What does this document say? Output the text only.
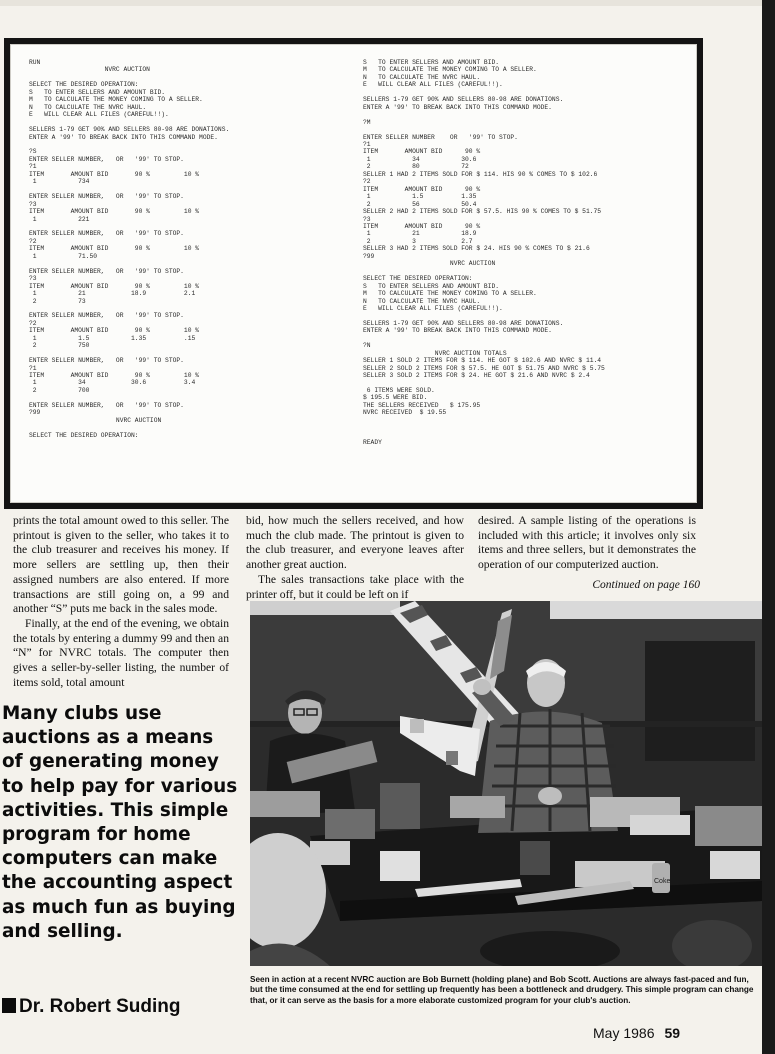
RUN
NVRC AUCTION

SELECT THE DESIRED OPERATION:
S   TO ENTER SELLERS AND AMOUNT BID.
M   TO CALCULATE THE MONEY COMING TO A SELLER.
N   TO CALCULATE THE NVRC HAUL.
E   WILL CLEAR ALL FILES (CAREFUL!!).

SELLERS 1-79 GET 90% AND SELLERS 80-98 ARE DONATIONS.
ENTER A '99' TO BREAK BACK INTO THIS COMMAND MODE.

?S
ENTER SELLER NUMBER,   OR   '99' TO STOP.
?1
ITEM       AMOUNT BID       90 %         10 %
1           734

ENTER SELLER NUMBER,   OR   '99' TO STOP.
?3
ITEM       AMOUNT BID       90 %         10 %
1           221

ENTER SELLER NUMBER,   OR   '99' TO STOP.
?2
ITEM       AMOUNT BID       90 %         10 %
1           71.50

ENTER SELLER NUMBER,   OR   '99' TO STOP.
?3
ITEM       AMOUNT BID       90 %         10 %
1           21            18.9          2.1
2           73

ENTER SELLER NUMBER,   OR   '99' TO STOP.
?2
ITEM       AMOUNT BID       90 %         10 %
1           1.5           1.35          .15
2           750

ENTER SELLER NUMBER,   OR   '99' TO STOP.
?1
ITEM       AMOUNT BID       90 %         10 %
1           34            30.6          3.4
2           700

ENTER SELLER NUMBER,   OR   '99' TO STOP.
?99
NVRC AUCTION

SELECT THE DESIRED OPERATION:
S   TO ENTER SELLERS AND AMOUNT BID.
M   TO CALCULATE THE MONEY COMING TO A SELLER.
N   TO CALCULATE THE NVRC HAUL.
E   WILL CLEAR ALL FILES (CAREFUL!!).

SELLERS 1-79 GET 90% AND SELLERS 80-98 ARE DONATIONS.
ENTER A '99' TO BREAK BACK INTO THIS COMMAND MODE.

?M

ENTER SELLER NUMBER    OR   '99' TO STOP.
?1
ITEM       AMOUNT BID      90 %
1           34           30.6
2           80           72
SELLER 1 HAD 2 ITEMS SOLD FOR $ 114. HIS 90 % COMES TO $ 102.6
?2
ITEM       AMOUNT BID      90 %
1           1.5          1.35
2           56           50.4
SELLER 2 HAD 2 ITEMS SOLD FOR $ 57.5. HIS 90 % COMES TO $ 51.75
?3
ITEM       AMOUNT BID      90 %
1           21           18.9
2           3            2.7
SELLER 3 HAD 2 ITEMS SOLD FOR $ 24. HIS 90 % COMES TO $ 21.6
?99
NVRC AUCTION

SELECT THE DESIRED OPERATION:
S   TO ENTER SELLERS AND AMOUNT BID.
M   TO CALCULATE THE MONEY COMING TO A SELLER.
N   TO CALCULATE THE NVRC HAUL.
E   WILL CLEAR ALL FILES (CAREFUL!!).

SELLERS 1-79 GET 90% AND SELLERS 80-98 ARE DONATIONS.
ENTER A '99' TO BREAK BACK INTO THIS COMMAND MODE.

?N
NVRC AUCTION TOTALS
SELLER 1 SOLD 2 ITEMS FOR $ 114. HE GOT $ 102.6 AND NVRC $ 11.4
SELLER 2 SOLD 2 ITEMS FOR $ 57.5. HE GOT $ 51.75 AND NVRC $ 5.75
SELLER 3 SOLD 2 ITEMS FOR $ 24. HE GOT $ 21.6 AND NVRC $ 2.4

6 ITEMS WERE SOLD.
$ 195.5 WERE BID.
THE SELLERS RECEIVED   $ 175.95
NVRC RECEIVED  $ 19.55

READY

prints the total amount owed to this seller. The printout is given to the seller, who takes it to the club treasurer and receives his money. If more sellers are settling up, then their assigned numbers are also entered. If more transactions are still going on, a 99 and another “S” puts me back in the sales mode.

Finally, at the end of the evening, we obtain the totals by entering a dummy 99 and then an “N” for NVRC totals. The computer then gives a seller-by-seller listing, the number of items sold, total amount

bid, how much the sellers received, and how much the club made. The printout is given to the club treasurer, and everyone leaves after another great auction.

The sales transactions take place with the printer off, but it could be left on if

desired. A sample listing of the operations is included with this article; it involves only six items and three sellers, but it demonstrates the operation of our computerized auction.

Continued on page 160
Many clubs use auctions as a means of generating money to help pay for various activities. This simple program for home computers can make the accounting aspect as much fun as buying and selling.
Dr. Robert Suding
Coke
Seen in action at a recent NVRC auction are Bob Burnett (holding plane) and Bob Scott. Auctions are always fast-paced and fun, but the time consumed at the end for settling up frequently has been a bottleneck and drudgery. This simple program can change that, or it can serve as the basis for a more elaborate customized program for your club's auction.
May 1986 59
